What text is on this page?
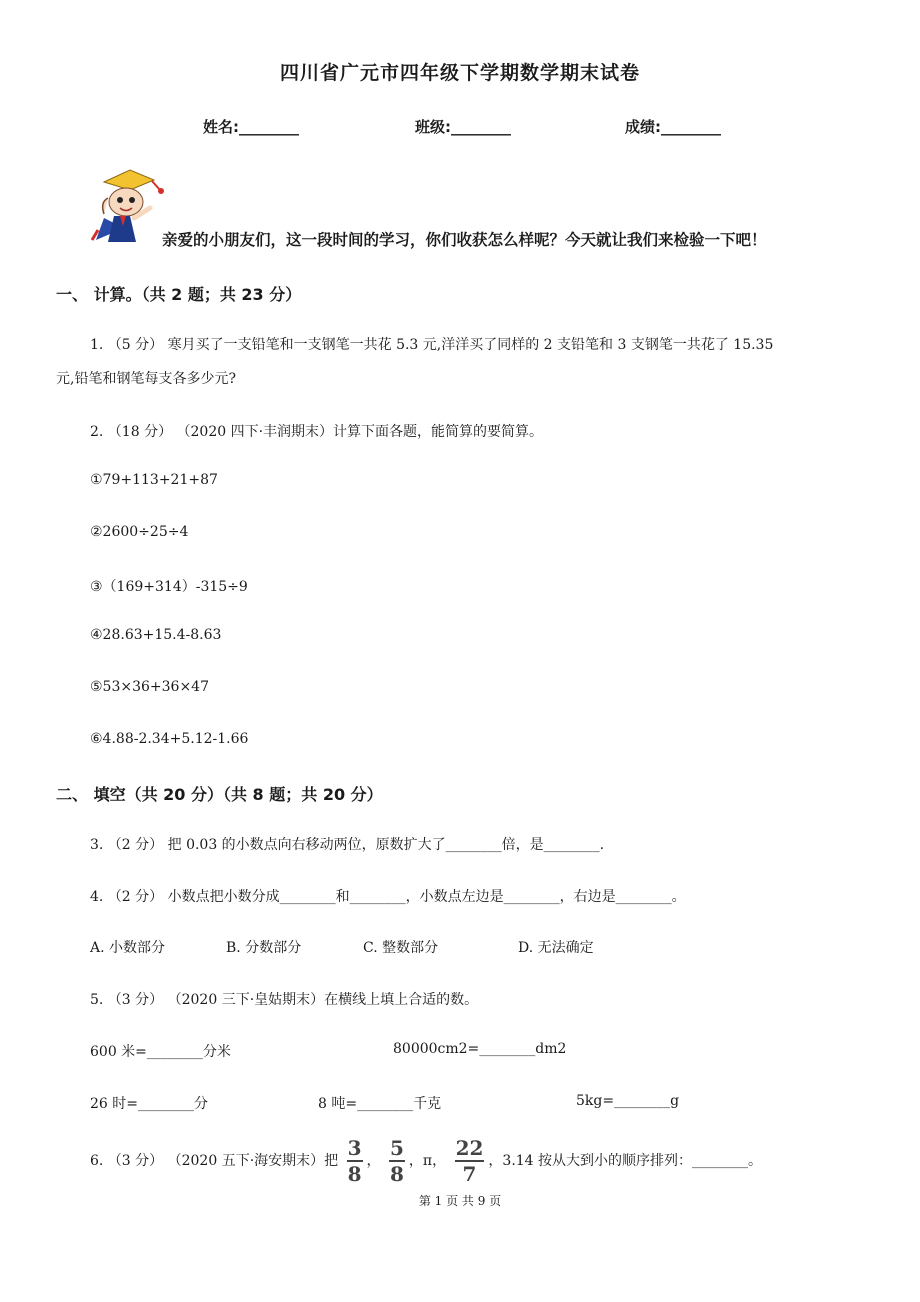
四川省广元市四年级下学期数学期末试卷
姓名:________	班级:________	成绩:________
亲爱的小朋友们，这一段时间的学习，你们收获怎么样呢？今天就让我们来检验一下吧！
一、 计算。（共 2 题；共 23 分）
1. （5 分） 寒月买了一支铅笔和一支钢笔一共花 5.3 元,洋洋买了同样的 2 支铅笔和 3 支钢笔一共花了 15.35
元,铅笔和钢笔每支各多少元?
2. （18 分） （2020 四下·丰润期末）计算下面各题，能简算的要简算。
①79+113+21+87
②2600÷25÷4
③（169+314）-315÷9
④28.63+15.4-8.63
⑤53×36+36×47
⑥4.88-2.34+5.12-1.66
二、 填空（共 20 分）（共 8 题；共 20 分）
3. （2 分） 把 0.03 的小数点向右移动两位，原数扩大了________倍，是________.
4. （2 分） 小数点把小数分成________和________，小数点左边是________，右边是________。
A. 小数部分	B. 分数部分	C. 整数部分	D. 无法确定
5. （3 分） （2020 三下·皇姑期末）在横线上填上合适的数。
600 米=________分米	80000cm2=________dm2
26 时=________分	8 吨=________千克	5kg=________g
6. （3 分） （2020 五下·海安期末）把 $\frac{3}{8}$ ， $\frac{5}{8}$ ，π， $\frac{22}{7}$ ，3.14 按从大到小的顺序排列：________。
第 1 页 共 9 页
